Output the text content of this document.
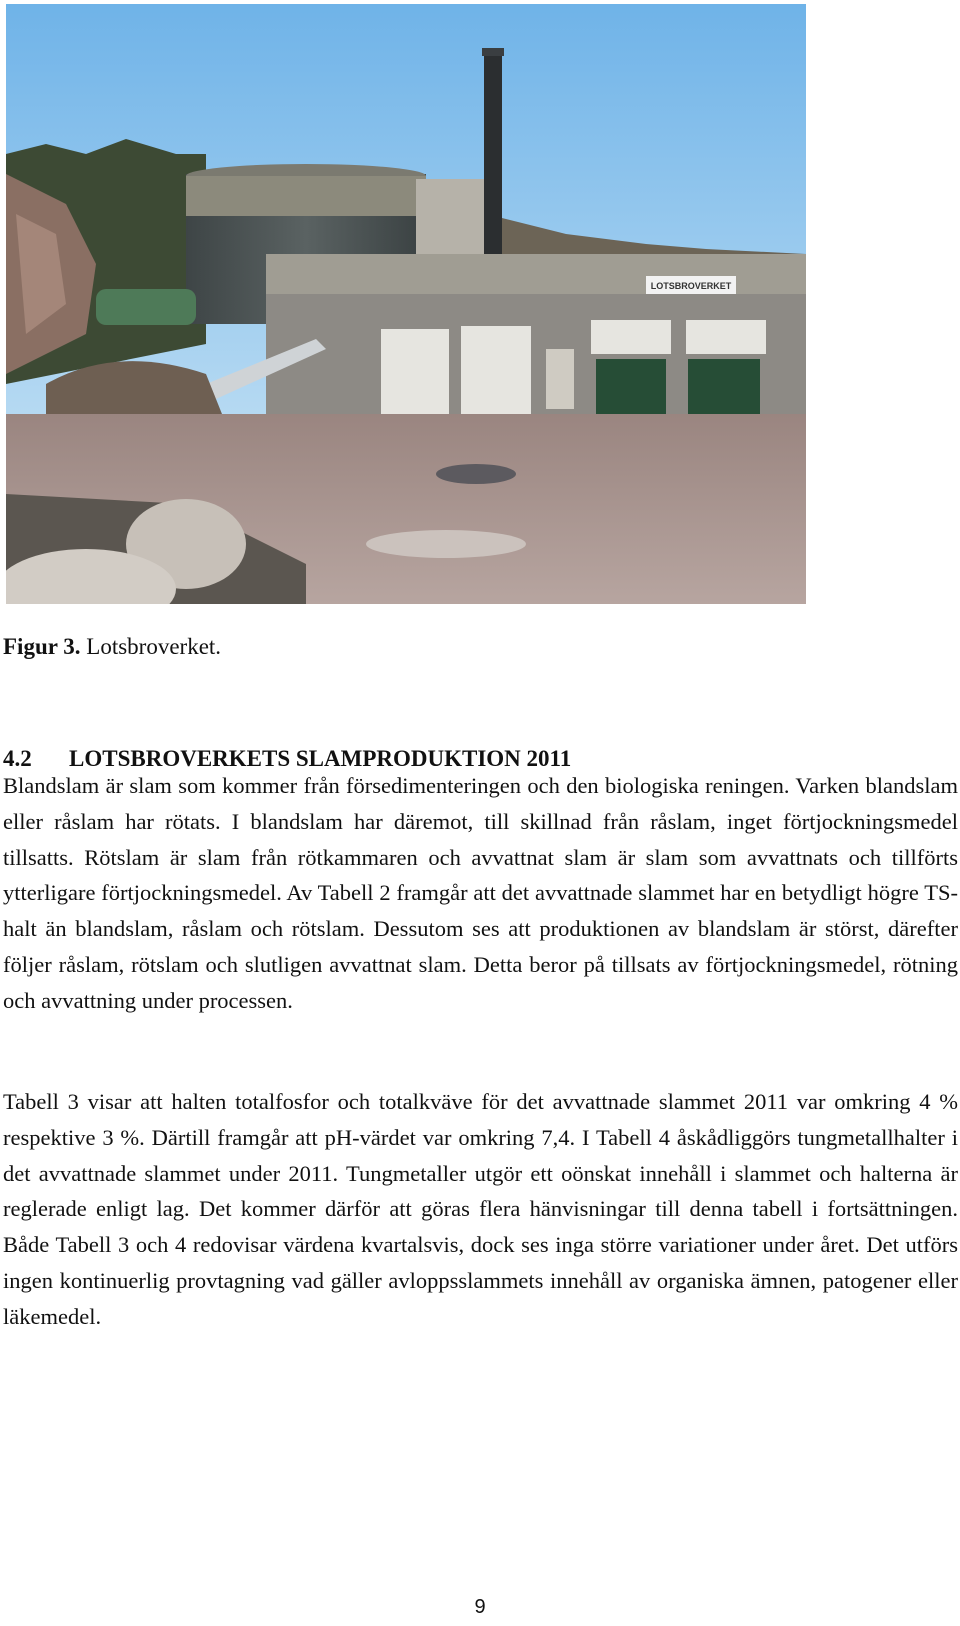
LOTSBROVERKET
Figur 3. Lotsbroverket.
4.2 LOTSBROVERKETS SLAMPRODUKTION 2011

Blandslam är slam som kommer från försedimenteringen och den biologiska reningen. Varken blandslam eller råslam har rötats. I blandslam har däremot, till skillnad från råslam, inget förtjockningsmedel tillsatts. Rötslam är slam från rötkammaren och avvattnat slam är slam som avvattnats och tillförts ytterligare förtjockningsmedel. Av Tabell 2 framgår att det avvattnade slammet har en betydligt högre TS-halt än blandslam, råslam och rötslam. Dessutom ses att produktionen av blandslam är störst, därefter följer råslam, rötslam och slutligen avvattnat slam. Detta beror på tillsats av förtjockningsmedel, rötning och avvattning under processen.

Tabell 3 visar att halten totalfosfor och totalkväve för det avvattnade slammet 2011 var omkring 4 % respektive 3 %. Därtill framgår att pH-värdet var omkring 7,4. I Tabell 4 åskådliggörs tungmetallhalter i det avvattnade slammet under 2011. Tungmetaller utgör ett oönskat innehåll i slammet och halterna är reglerade enligt lag. Det kommer därför att göras flera hänvisningar till denna tabell i fortsättningen. Både Tabell 3 och 4 redovisar värdena kvartalsvis, dock ses inga större variationer under året. Det utförs ingen kontinuerlig provtagning vad gäller avloppsslammets innehåll av organiska ämnen, patogener eller läkemedel.

9
